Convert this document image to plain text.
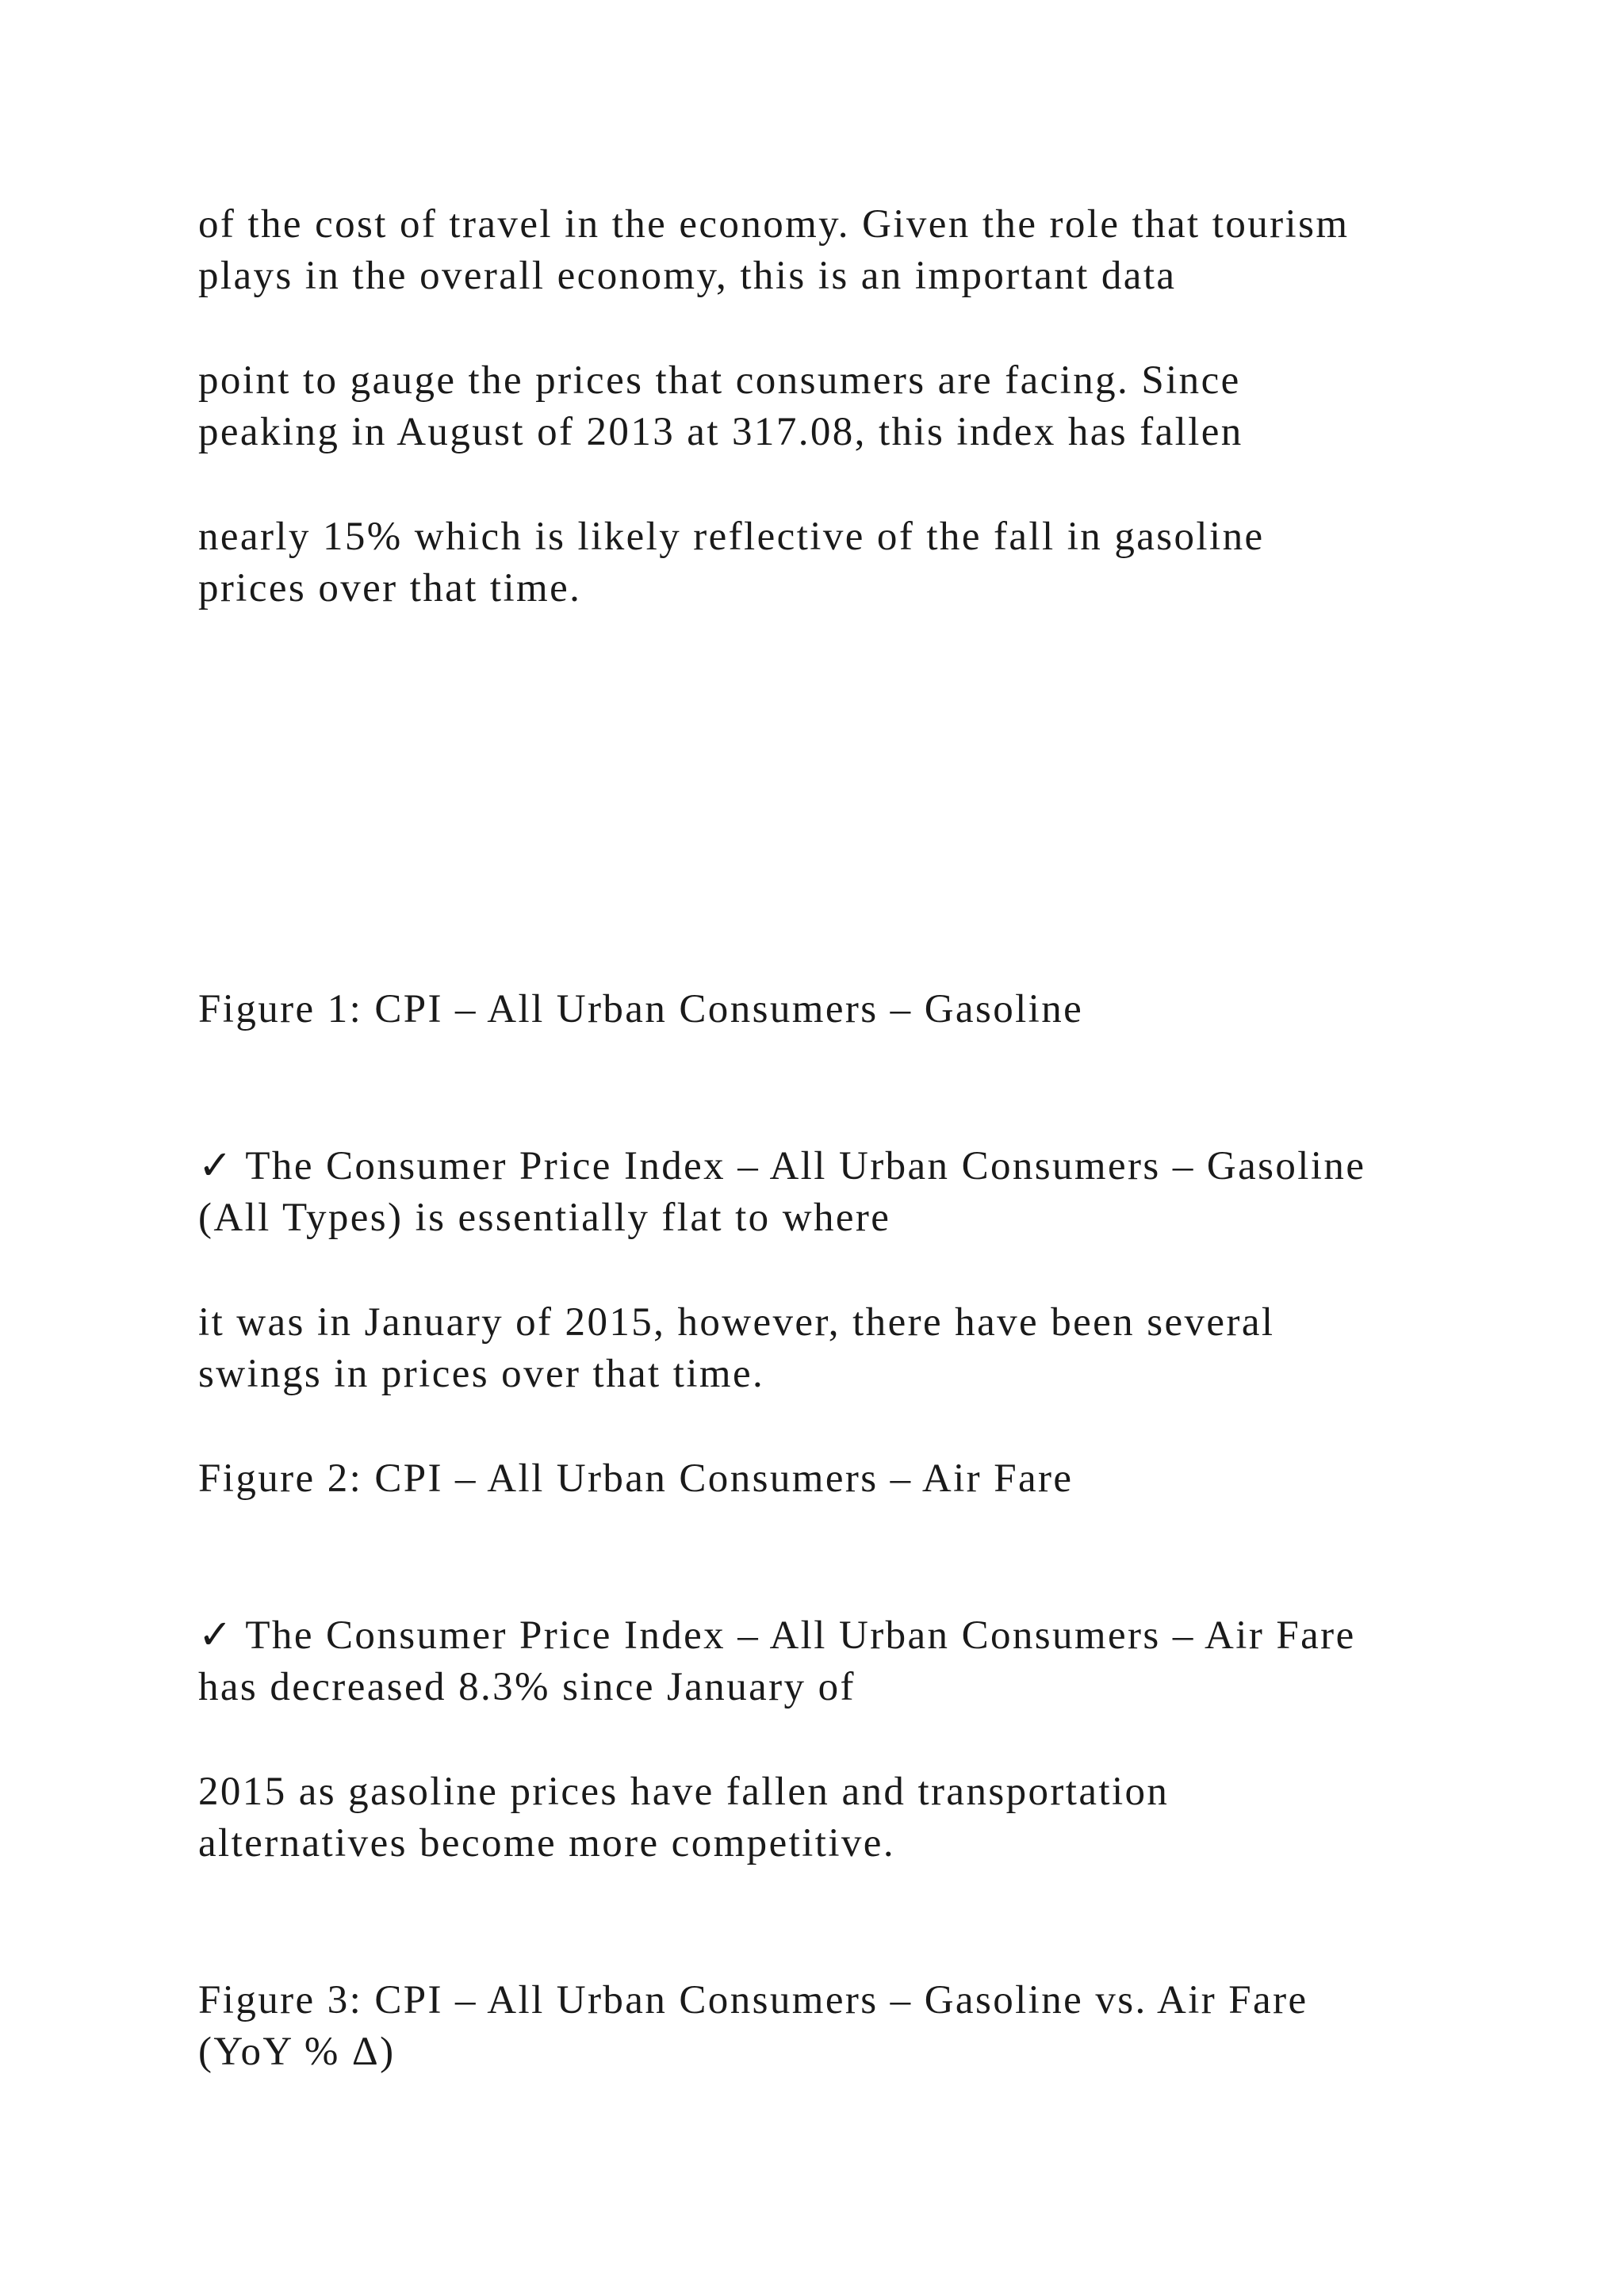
of the cost of travel in the economy. Given the role that tourism
plays in the overall economy, this is an important data
point to gauge the prices that consumers are facing. Since
peaking in August of 2013 at 317.08, this index has fallen
nearly 15% which is likely reflective of the fall in gasoline
prices over that time.
Figure 1: CPI – All Urban Consumers – Gasoline
✓ The Consumer Price Index – All Urban Consumers – Gasoline
(All Types) is essentially flat to where
it was in January of 2015, however, there have been several
swings in prices over that time.
Figure 2: CPI – All Urban Consumers – Air Fare
✓ The Consumer Price Index – All Urban Consumers – Air Fare
has decreased 8.3% since January of
2015 as gasoline prices have fallen and transportation
alternatives become more competitive.
Figure 3: CPI – All Urban Consumers – Gasoline vs. Air Fare
(YoY % Δ)
